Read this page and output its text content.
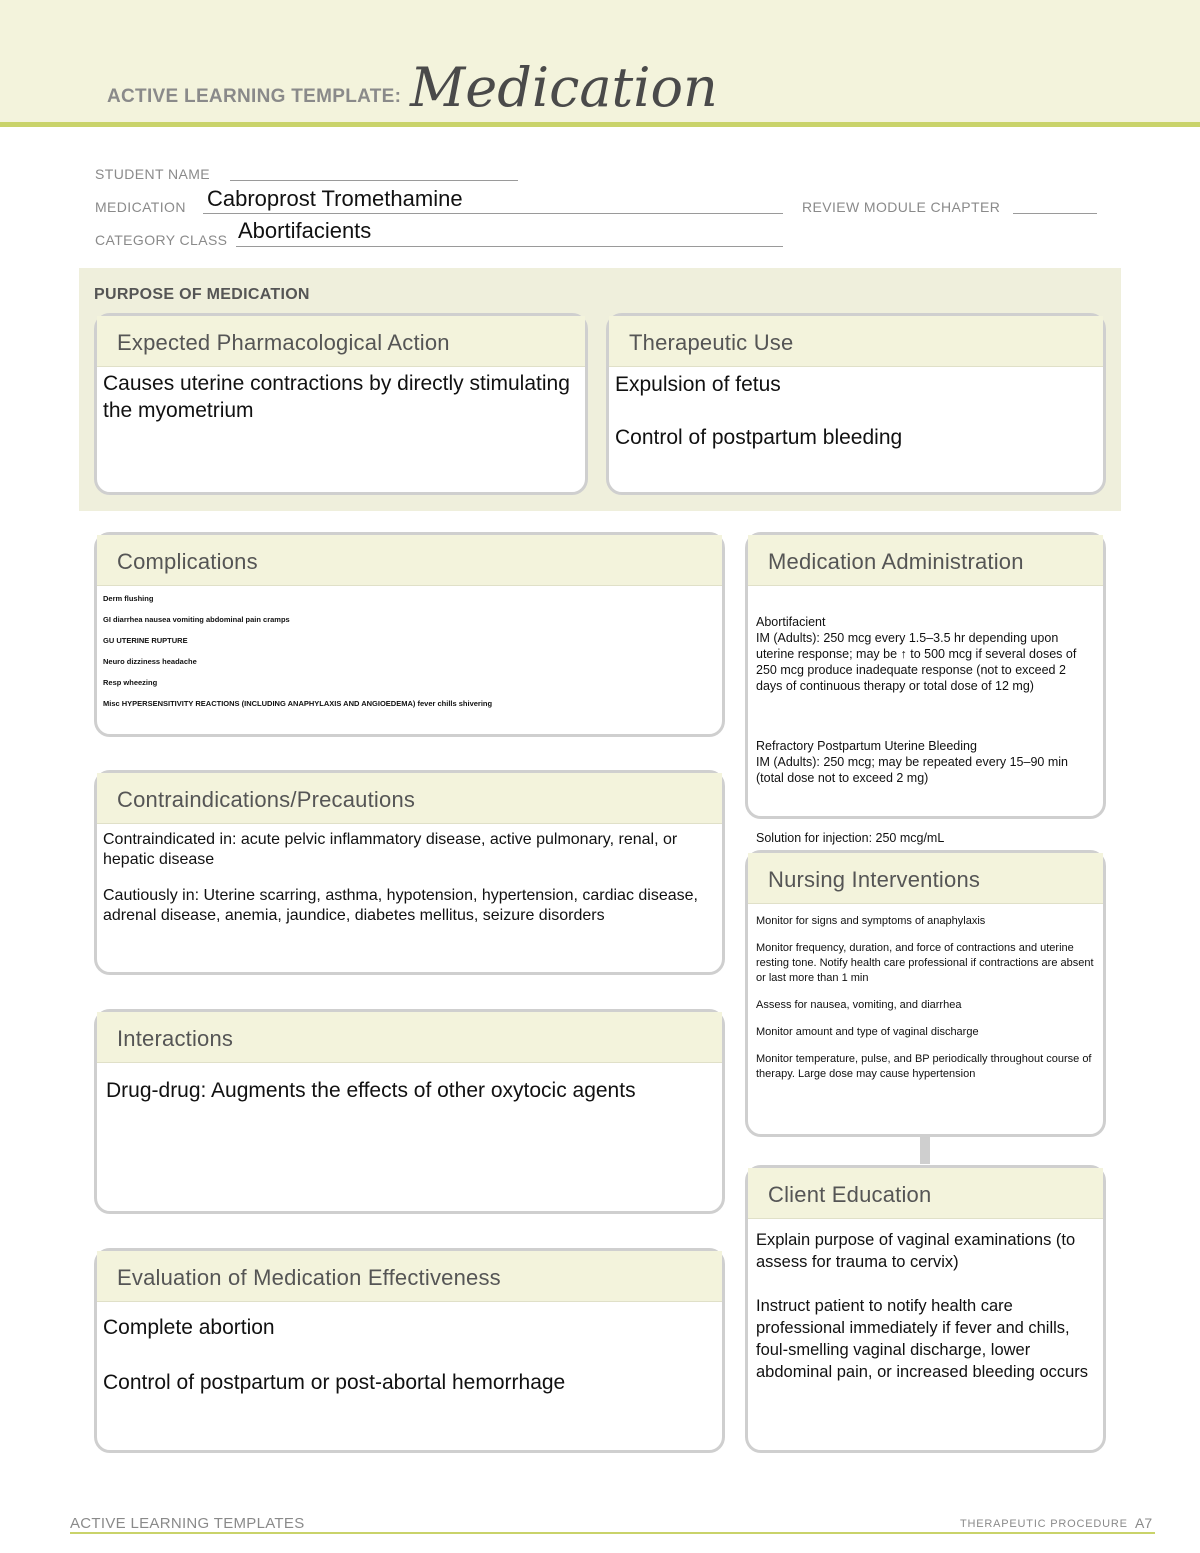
ACTIVE LEARNING TEMPLATE: Medication
STUDENT NAME
MEDICATION Cabroprost Tromethamine	REVIEW MODULE CHAPTER
CATEGORY CLASS Abortifacients
PURPOSE OF MEDICATION
Expected Pharmacological Action
Causes uterine contractions by directly stimulating the myometrium
Therapeutic Use
Expulsion of fetus
Control of postpartum bleeding
Complications
Derm flushing
GI diarrhea nausea vomiting abdominal pain cramps
GU UTERINE RUPTURE
Neuro dizziness headache
Resp wheezing
Misc HYPERSENSITIVITY REACTIONS (INCLUDING ANAPHYLAXIS AND ANGIOEDEMA) fever chills shivering
Contraindications/Precautions
Contraindicated in: acute pelvic inflammatory disease, active pulmonary, renal, or hepatic disease
Cautiously in: Uterine scarring, asthma, hypotension, hypertension, cardiac disease, adrenal disease, anemia, jaundice, diabetes mellitus, seizure disorders
Interactions
Drug-drug: Augments the effects of other oxytocic agents
Evaluation of Medication Effectiveness
Complete abortion
Control of postpartum or post-abortal hemorrhage
Medication Administration

Abortifacient
IM (Adults): 250 mcg every 1.5–3.5 hr depending upon uterine response; may be ↑ to 500 mcg if several doses of 250 mcg produce inadequate response (not to exceed 2 days of continuous therapy or total dose of 12 mg)

Refractory Postpartum Uterine Bleeding
IM (Adults): 250 mcg; may be repeated every 15–90 min (total dose not to exceed 2 mg)

Solution for injection: 250 mcg/mL

Nursing Interventions
Monitor for signs and symptoms of anaphylaxis
Monitor frequency, duration, and force of contractions and uterine resting tone. Notify health care professional if contractions are absent or last more than 1 min
Assess for nausea, vomiting, and diarrhea
Monitor amount and type of vaginal discharge
Monitor temperature, pulse, and BP periodically throughout course of therapy. Large dose may cause hypertension
Client Education
Explain purpose of vaginal examinations (to assess for trauma to cervix)
Instruct patient to notify health care professional immediately if fever and chills, foul-smelling vaginal discharge, lower abdominal pain, or increased bleeding occurs
ACTIVE LEARNING TEMPLATES	THERAPEUTIC PROCEDURE A7
